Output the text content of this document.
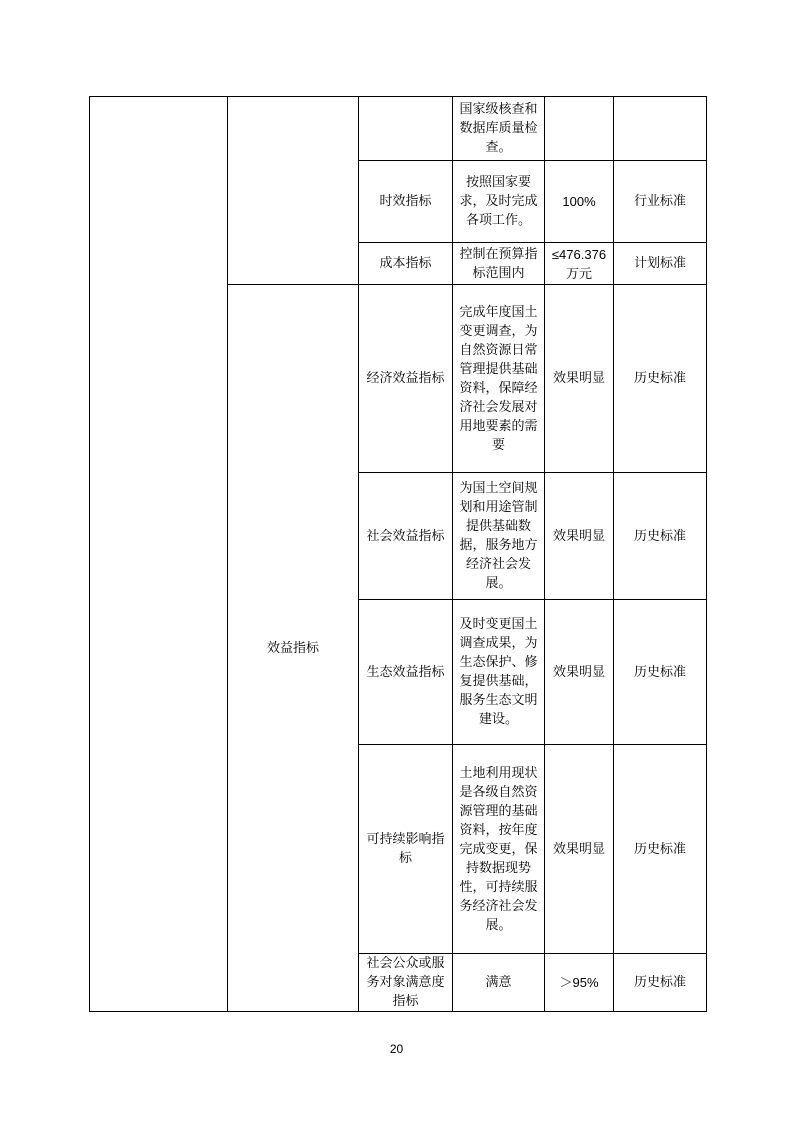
			国家级核查和数据库质量检查。		
		时效指标	按照国家要求，及时完成各项工作。	100%	行业标准
		成本指标	控制在预算指标范围内	≤476.376万元	计划标准
	效益指标	经济效益指标	完成年度国土变更调查，为自然资源日常管理提供基础资料，保障经济社会发展对用地要素的需要	效果明显	历史标准
		社会效益指标	为国土空间规划和用途管制提供基础数据，服务地方经济社会发展。	效果明显	历史标准
		生态效益指标	及时变更国土调查成果，为生态保护、修复提供基础，服务生态文明建设。	效果明显	历史标准
		可持续影响指标	土地利用现状是各级自然资源管理的基础资料，按年度完成变更，保持数据现势性，可持续服务经济社会发展。	效果明显	历史标准
		社会公众或服务对象满意度指标	满意	＞95%	历史标准
20
